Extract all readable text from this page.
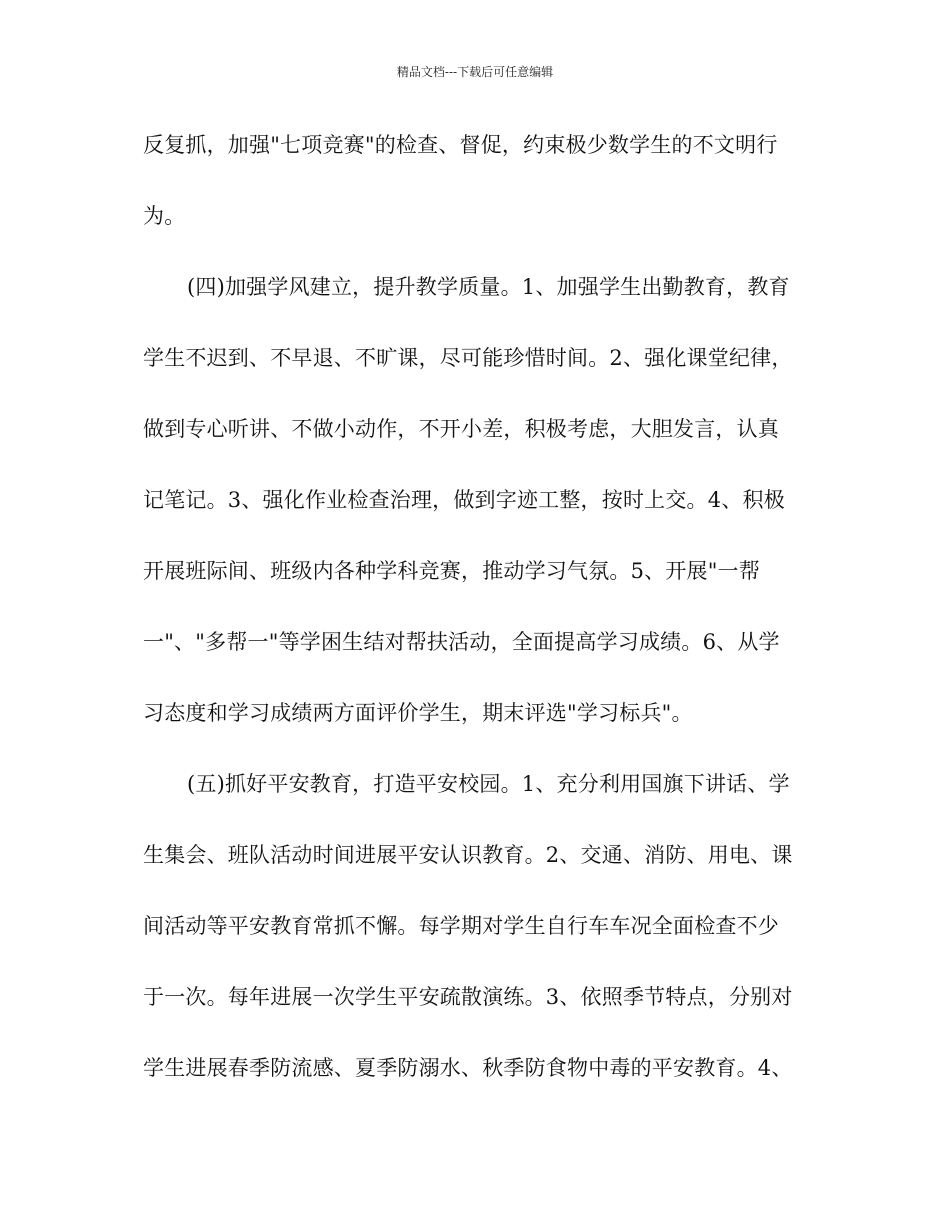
精品文档---下载后可任意编辑
反复抓，加强"七项竞赛"的检查、督促，约束极少数学生的不文明行
为。
(四)加强学风建立，提升教学质量。1、加强学生出勤教育，教育
学生不迟到、不早退、不旷课，尽可能珍惜时间。2、强化课堂纪律，
做到专心听讲、不做小动作，不开小差，积极考虑，大胆发言，认真
记笔记。3、强化作业检查治理，做到字迹工整，按时上交。4、积极
开展班际间、班级内各种学科竞赛，推动学习气氛。5、开展"一帮
一"、"多帮一"等学困生结对帮扶活动，全面提高学习成绩。6、从学
习态度和学习成绩两方面评价学生，期末评选"学习标兵"。
(五)抓好平安教育，打造平安校园。1、充分利用国旗下讲话、学
生集会、班队活动时间进展平安认识教育。2、交通、消防、用电、课
间活动等平安教育常抓不懈。每学期对学生自行车车况全面检查不少
于一次。每年进展一次学生平安疏散演练。3、依照季节特点，分别对
学生进展春季防流感、夏季防溺水、秋季防食物中毒的平安教育。4、
